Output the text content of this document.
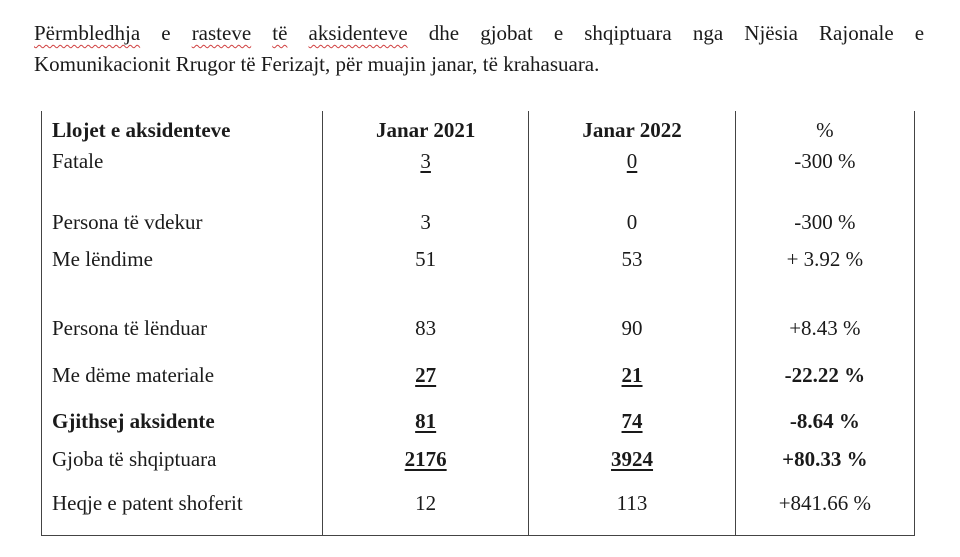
Përmbledhja e rasteve të aksidenteve dhe gjobat e shqiptuara nga Njësia Rajonale e
Komunikacionit Rrugor të Ferizajt, për muajin janar, të krahasuara.

Llojet e aksidenteve	Janar 2021	Janar 2022	%
Fatale	3	0	-300 %
Persona të vdekur	3	0	-300 %
Me lëndime	51	53	+ 3.92 %
Persona të lënduar	83	90	+8.43 %
Me dëme materiale	27	21	-22.22 %
Gjithsej aksidente	81	74	-8.64 %
Gjoba të shqiptuara	2176	3924	+80.33 %
Heqje e patent shoferit	12	113	+841.66 %
